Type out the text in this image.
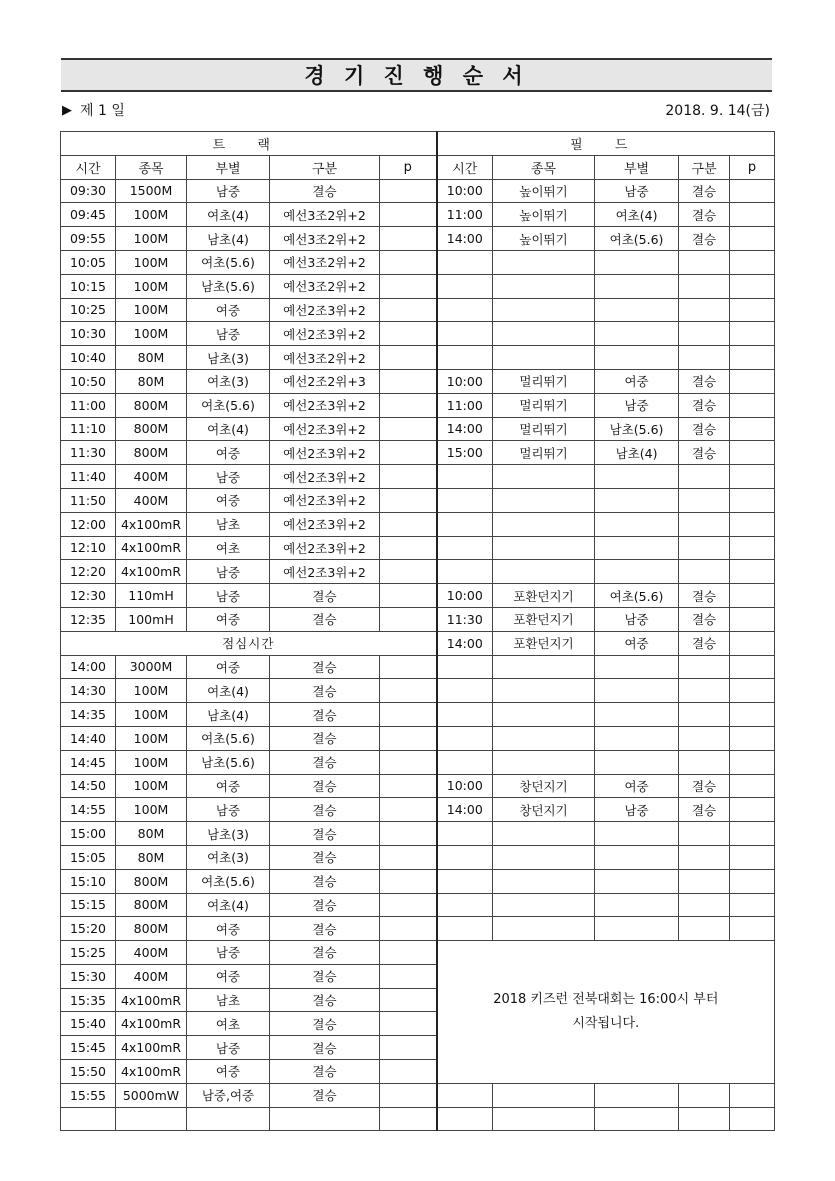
경 기 진 행 순 서
▶ 제 1 일	2018. 9. 14(금)
트 랙					필 드				
시간	종목	부별	구분	p	시간	종목	부별	구분	p
09:30	1500M	남중	결승		10:00	높이뛰기	남중	결승	
09:45	100M	여초(4)	예선3조2위+2		11:00	높이뛰기	여초(4)	결승	
09:55	100M	남초(4)	예선3조2위+2		14:00	높이뛰기	여초(5.6)	결승	
10:05	100M	여초(5.6)	예선3조2위+2						
10:15	100M	남초(5.6)	예선3조2위+2						
10:25	100M	여중	예선2조3위+2						
10:30	100M	남중	예선2조3위+2						
10:40	80M	남초(3)	예선3조2위+2						
10:50	80M	여초(3)	예선2조2위+3		10:00	멀리뛰기	여중	결승	
11:00	800M	여초(5.6)	예선2조3위+2		11:00	멀리뛰기	남중	결승	
11:10	800M	여초(4)	예선2조3위+2		14:00	멀리뛰기	남초(5.6)	결승	
11:30	800M	여중	예선2조3위+2		15:00	멀리뛰기	남초(4)	결승	
11:40	400M	남중	예선2조3위+2						
11:50	400M	여중	예선2조3위+2						
12:00	4x100mR	남초	예선2조3위+2						
12:10	4x100mR	여초	예선2조3위+2						
12:20	4x100mR	남중	예선2조3위+2						
12:30	110mH	남중	결승		10:00	포환던지기	여초(5.6)	결승	
12:35	100mH	여중	결승		11:30	포환던지기	남중	결승	
점심시간					14:00	포환던지기	여중	결승	
14:00	3000M	여중	결승						
14:30	100M	여초(4)	결승						
14:35	100M	남초(4)	결승						
14:40	100M	여초(5.6)	결승						
14:45	100M	남초(5.6)	결승						
14:50	100M	여중	결승		10:00	창던지기	여중	결승	
14:55	100M	남중	결승		14:00	창던지기	남중	결승	
15:00	80M	남초(3)	결승						
15:05	80M	여초(3)	결승						
15:10	800M	여초(5.6)	결승						
15:15	800M	여초(4)	결승						
15:20	800M	여중	결승						
15:25	400M	남중	결승		2018 키즈런 전북대회는 16:00시 부터
시작됩니다.				

15:30	400M	여중	결승						
15:35	4x100mR	남초	결승						
15:40	4x100mR	여초	결승						
15:45	4x100mR	남중	결승						
15:50	4x100mR	여중	결승						
15:55	5000mW	남중,여중	결승						
